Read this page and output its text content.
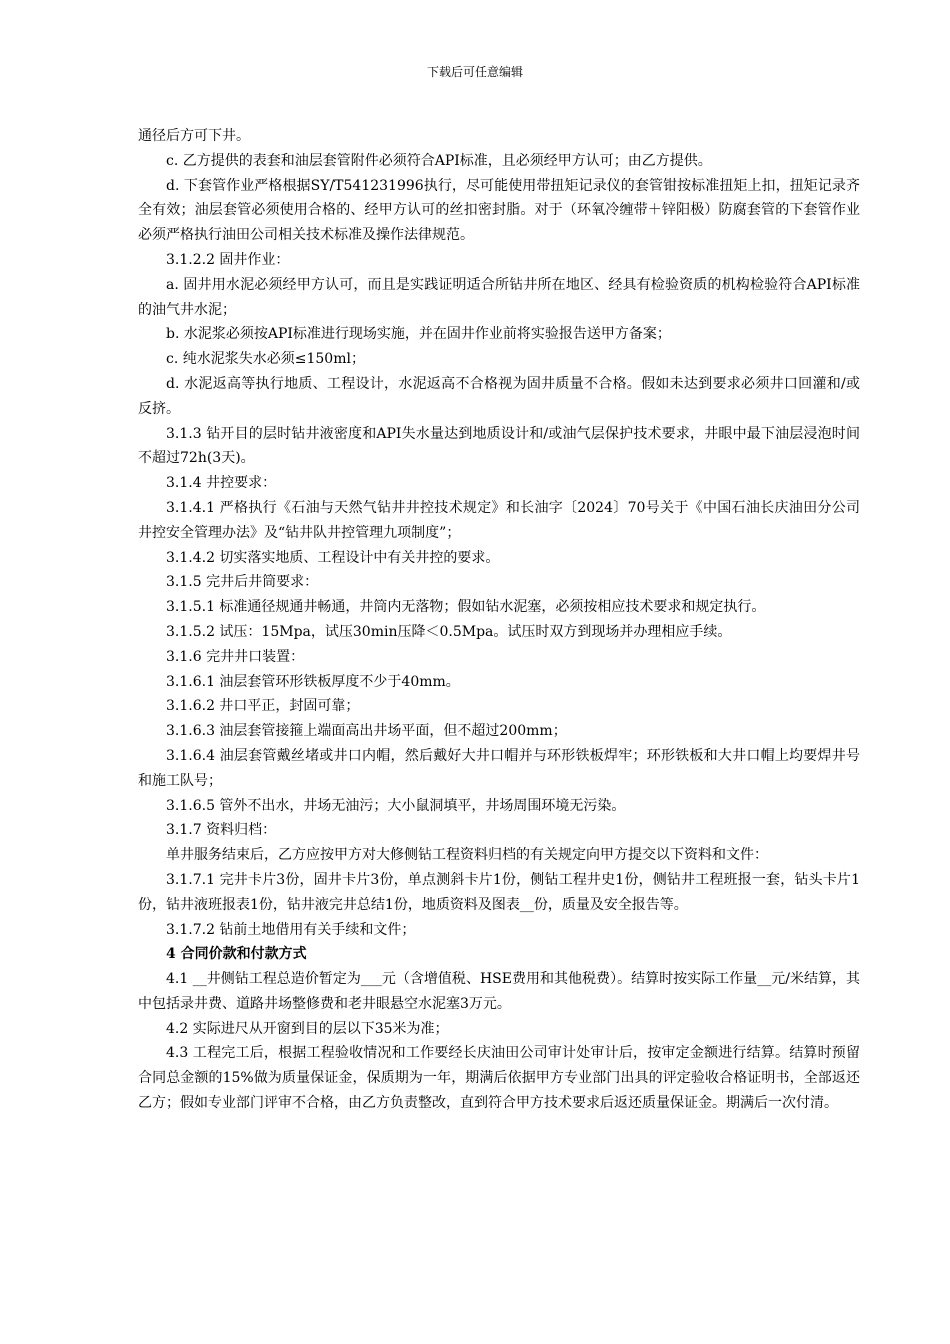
下载后可任意编辑

通径后方可下井。

c. 乙方提供的表套和油层套管附件必须符合API标准，且必须经甲方认可；由乙方提供。

d. 下套管作业严格根据SY/T541231996执行，尽可能使用带扭矩记录仪的套管钳按标准扭矩上扣，扭矩记录齐全有效；油层套管必须使用合格的、经甲方认可的丝扣密封脂。对于（环氧冷缠带＋锌阳极）防腐套管的下套管作业必须严格执行油田公司相关技术标准及操作法律规范。

3.1.2.2 固井作业：

a. 固井用水泥必须经甲方认可，而且是实践证明适合所钻井所在地区、经具有检验资质的机构检验符合API标准的油气井水泥；

b. 水泥浆必须按API标准进行现场实施，并在固井作业前将实验报告送甲方备案；

c. 纯水泥浆失水必须≤150ml；

d. 水泥返高等执行地质、工程设计，水泥返高不合格视为固井质量不合格。假如未达到要求必须井口回灌和/或反挤。

3.1.3 钻开目的层时钻井液密度和API失水量达到地质设计和/或油气层保护技术要求，井眼中最下油层浸泡时间不超过72h(3天)。

3.1.4 井控要求：

3.1.4.1 严格执行《石油与天然气钻井井控技术规定》和长油字〔2024〕70号关于《中国石油长庆油田分公司井控安全管理办法》及“钻井队井控管理九项制度”；

3.1.4.2 切实落实地质、工程设计中有关井控的要求。

3.1.5 完井后井筒要求：

3.1.5.1 标准通径规通井畅通，井筒内无落物；假如钻水泥塞，必须按相应技术要求和规定执行。

3.1.5.2 试压：15Mpa，试压30min压降＜0.5Mpa。试压时双方到现场并办理相应手续。

3.1.6 完井井口装置：

3.1.6.1 油层套管环形铁板厚度不少于40mm。

3.1.6.2 井口平正，封固可靠；

3.1.6.3 油层套管接箍上端面高出井场平面，但不超过200mm；

3.1.6.4 油层套管戴丝堵或井口内帽，然后戴好大井口帽并与环形铁板焊牢；环形铁板和大井口帽上均要焊井号和施工队号；

3.1.6.5 管外不出水，井场无油污；大小鼠洞填平，井场周围环境无污染。

3.1.7 资料归档：

单井服务结束后，乙方应按甲方对大修侧钻工程资料归档的有关规定向甲方提交以下资料和文件：

3.1.7.1 完井卡片3份，固井卡片3份，单点测斜卡片1份，侧钻工程井史1份，侧钻井工程班报一套，钻头卡片1份，钻井液班报表1份，钻井液完井总结1份，地质资料及图表__份，质量及安全报告等。

3.1.7.2 钻前土地借用有关手续和文件；

4 合同价款和付款方式

4.1 __井侧钻工程总造价暂定为___元（含增值税、HSE费用和其他税费）。结算时按实际工作量__元/米结算，其中包括录井费、道路井场整修费和老井眼悬空水泥塞3万元。

4.2 实际进尺从开窗到目的层以下35米为准；

4.3 工程完工后，根据工程验收情况和工作要经长庆油田公司审计处审计后，按审定金额进行结算。结算时预留合同总金额的15%做为质量保证金，保质期为一年，期满后依据甲方专业部门出具的评定验收合格证明书，全部返还乙方；假如专业部门评审不合格，由乙方负责整改，直到符合甲方技术要求后返还质量保证金。期满后一次付清。
